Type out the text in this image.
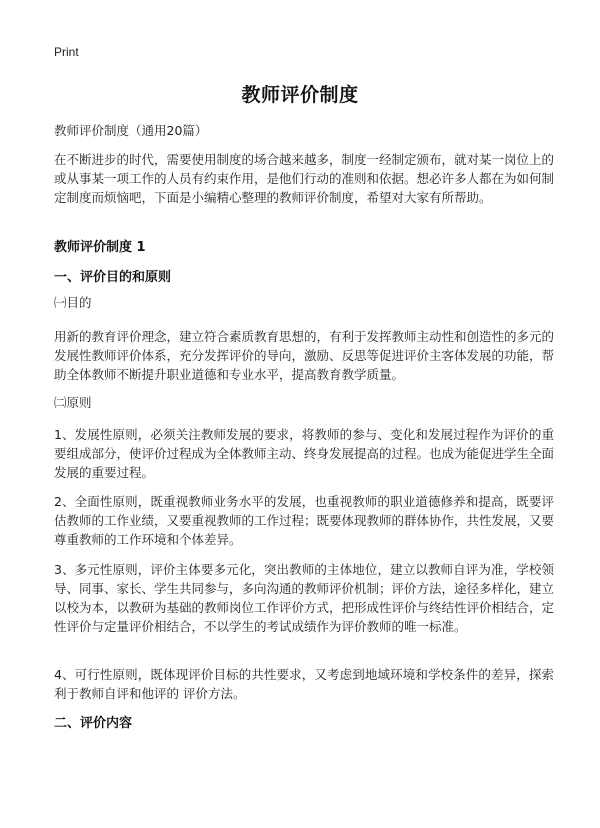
Print
教师评价制度
教师评价制度（通用20篇）
在不断进步的时代，需要使用制度的场合越来越多，制度一经制定颁布，就对某一岗位上的或从事某一项工作的人员有约束作用，是他们行动的准则和依据。想必许多人都在为如何制定制度而烦恼吧，下面是小编精心整理的教师评价制度，希望对大家有所帮助。
教师评价制度 1
一、评价目的和原则
㈠目的
用新的教育评价理念，建立符合素质教育思想的，有利于发挥教师主动性和创造性的多元的发展性教师评价体系，充分发挥评价的导向，激励、反思等促进评价主客体发展的功能，帮助全体教师不断提升职业道德和专业水平，提高教育教学质量。
㈡原则
1、发展性原则，必须关注教师发展的要求，将教师的参与、变化和发展过程作为评价的重要组成部分，使评价过程成为全体教师主动、终身发展提高的过程。也成为能促进学生全面发展的重要过程。
2、全面性原则，既重视教师业务水平的发展，也重视教师的职业道德修养和提高，既要评估教师的工作业绩，又要重视教师的工作过程；既要体现教师的群体协作，共性发展，又要尊重教师的工作环境和个体差异。
3、多元性原则，评价主体要多元化，突出教师的主体地位，建立以教师自评为准，学校领导、同事、家长、学生共同参与，多向沟通的教师评价机制；评价方法，途径多样化，建立以校为本，以教研为基础的教师岗位工作评价方式，把形成性评价与终结性评价相结合，定性评价与定量评价相结合，不以学生的考试成绩作为评价教师的唯一标准。
4、可行性原则，既体现评价目标的共性要求，又考虑到地域环境和学校条件的差异，探索利于教师自评和他评的 评价方法。
二、评价内容
